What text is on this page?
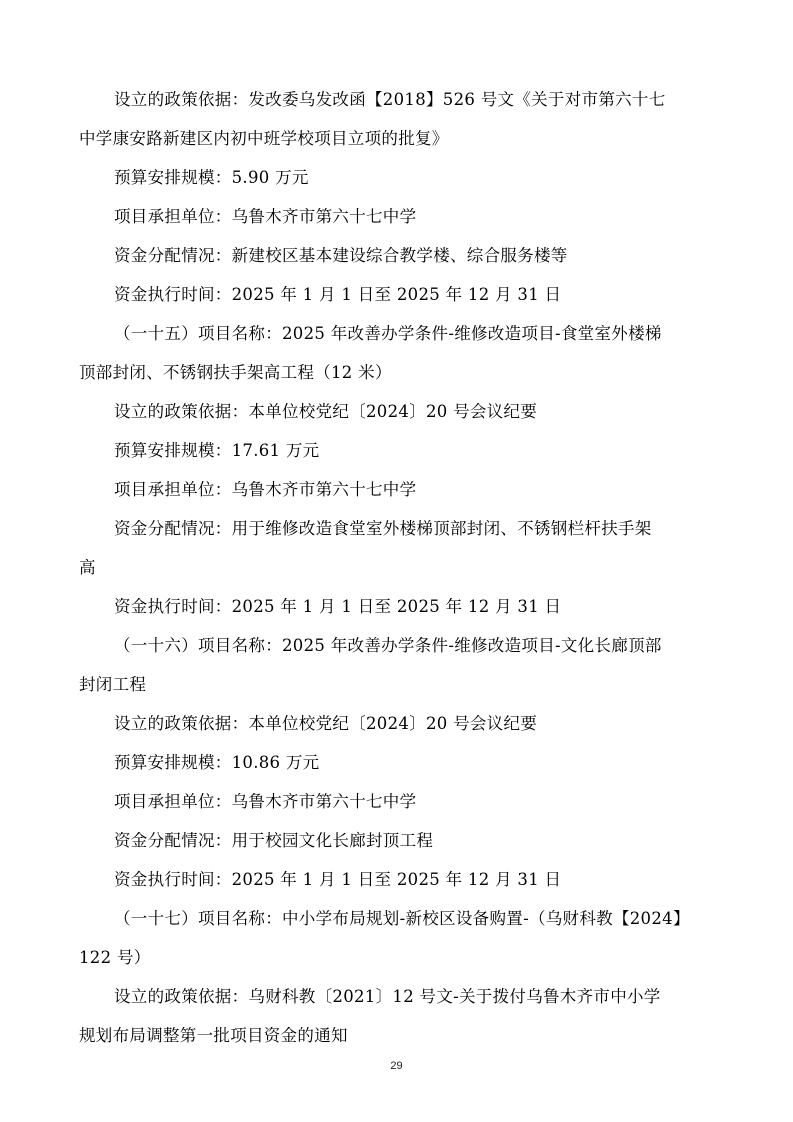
设立的政策依据：发改委乌发改函【2018】526 号文《关于对市第六十七
中学康安路新建区内初中班学校项目立项的批复》
预算安排规模：5.90 万元
项目承担单位：乌鲁木齐市第六十七中学
资金分配情况：新建校区基本建设综合教学楼、综合服务楼等
资金执行时间：2025 年 1 月 1 日至 2025 年 12 月 31 日
（一十五）项目名称：2025 年改善办学条件-维修改造项目-食堂室外楼梯
顶部封闭、不锈钢扶手架高工程（12 米）
设立的政策依据：本单位校党纪〔2024〕20 号会议纪要
预算安排规模：17.61 万元
项目承担单位：乌鲁木齐市第六十七中学
资金分配情况：用于维修改造食堂室外楼梯顶部封闭、不锈钢栏杆扶手架
高
资金执行时间：2025 年 1 月 1 日至 2025 年 12 月 31 日
（一十六）项目名称：2025 年改善办学条件-维修改造项目-文化长廊顶部
封闭工程
设立的政策依据：本单位校党纪〔2024〕20 号会议纪要
预算安排规模：10.86 万元
项目承担单位：乌鲁木齐市第六十七中学
资金分配情况：用于校园文化长廊封顶工程
资金执行时间：2025 年 1 月 1 日至 2025 年 12 月 31 日
（一十七）项目名称：中小学布局规划-新校区设备购置-（乌财科教【2024】
122 号）
设立的政策依据：乌财科教〔2021〕12 号文-关于拨付乌鲁木齐市中小学
规划布局调整第一批项目资金的通知
29
